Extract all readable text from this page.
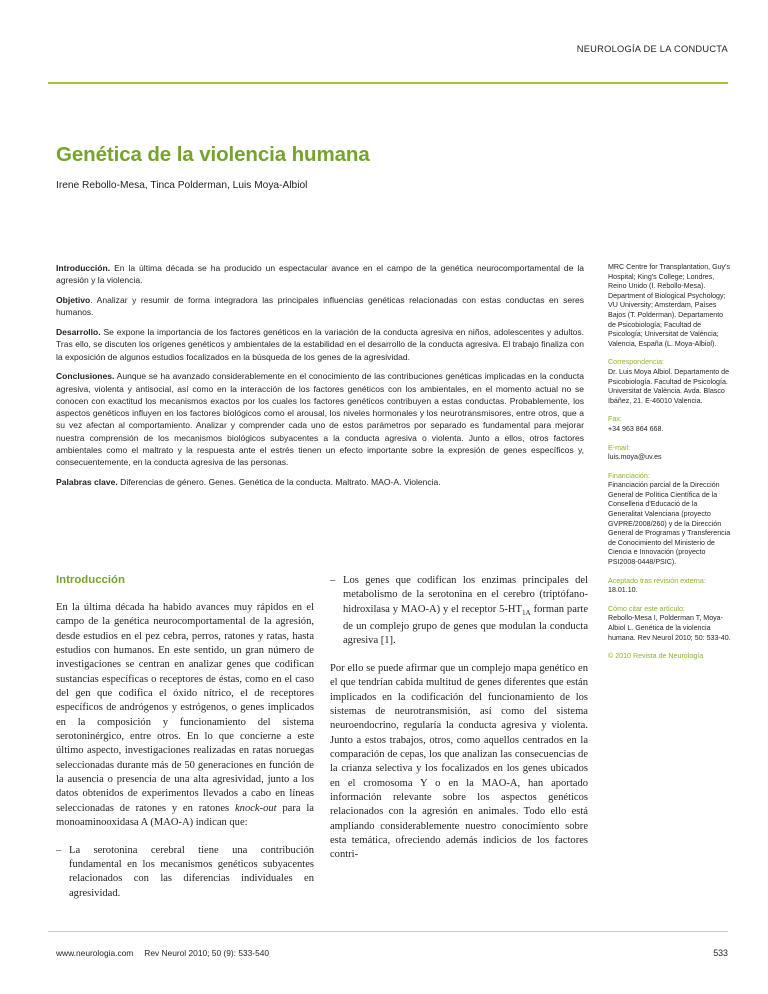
NEUROLOGÍA DE LA CONDUCTA
Genética de la violencia humana
Irene Rebollo-Mesa, Tinca Polderman, Luis Moya-Albiol

Introducción. En la última década se ha producido un espectacular avance en el campo de la genética neurocomportamental de la agresión y la violencia.

Objetivo. Analizar y resumir de forma integradora las principales influencias genéticas relacionadas con estas conductas en seres humanos.

Desarrollo. Se expone la importancia de los factores genéticos en la variación de la conducta agresiva en niños, adolescentes y adultos. Tras ello, se discuten los orígenes genéticos y ambientales de la estabilidad en el desarrollo de la conducta agresiva. El trabajo finaliza con la exposición de algunos estudios focalizados en la búsqueda de los genes de la agresividad.

Conclusiones. Aunque se ha avanzado considerablemente en el conocimiento de las contribuciones genéticas implicadas en la conducta agresiva, violenta y antisocial, así como en la interacción de los factores genéticos con los ambientales, en el momento actual no se conocen con exactitud los mecanismos exactos por los cuales los factores genéticos contribuyen a estas conductas. Probablemente, los aspectos genéticos influyen en los factores biológicos como el arousal, los niveles hormonales y los neurotransmisores, entre otros, que a su vez afectan al comportamiento. Analizar y comprender cada uno de estos parámetros por separado es fundamental para mejorar nuestra comprensión de los mecanismos biológicos subyacentes a la conducta agresiva o violenta. Junto a ellos, otros factores ambientales como el maltrato y la respuesta ante el estrés tienen un efecto importante sobre la expresión de genes específicos y, consecuentemente, en la conducta agresiva de las personas.

Palabras clave. Diferencias de género. Genes. Genética de la conducta. Maltrato. MAO-A. Violencia.

MRC Centre for Transplantation, Guy's Hospital; King's College; Londres, Reino Unido (I. Rebollo-Mesa). Department of Biological Psychology; VU University; Amsterdam, Países Bajos (T. Polderman). Departamento de Psicobiología; Facultad de Psicología; Universitat de València; Valencia, España (L. Moya-Albiol).
Correspondencia:
Dr. Luis Moya Albiol. Departamento de Psicobiología. Facultad de Psicología. Universitat de València. Avda. Blasco Ibáñez, 21. E-46010 Valencia.
Fax:
+34 963 864 668.
E-mail:
luis.moya@uv.es
Financiación:
Financiación parcial de la Dirección General de Política Científica de la Conselleria d'Educació de la Generalitat Valenciana (proyecto GVPRE/2008/260) y de la Dirección General de Programas y Transferencia de Conocimiento del Ministerio de Ciencia e Innovación (proyecto PSI2008-0448/PSIC).
Aceptado tras revisión externa:
18.01.10.
Cómo citar este artículo:
Rebollo-Mesa I, Polderman T, Moya-Albiol L. Genética de la violencia humana. Rev Neurol 2010; 50: 533-40.
© 2010 Revista de Neurología
Introducción

En la última década ha habido avances muy rápidos en el campo de la genética neurocomportamental de la agresión, desde estudios en el pez cebra, perros, ratones y ratas, hasta estudios con humanos. En este sentido, un gran número de investigaciones se centran en analizar genes que codifican sustancias específicas o receptores de éstas, como en el caso del gen que codifica el óxido nítrico, el de receptores específicos de andrógenos y estrógenos, o genes implicados en la composición y funcionamiento del sistema serotoninérgico, entre otros. En lo que concierne a este último aspecto, investigaciones realizadas en ratas noruegas seleccionadas durante más de 50 generaciones en función de la ausencia o presencia de una alta agresividad, junto a los datos obtenidos de experimentos llevados a cabo en líneas seleccionadas de ratones y en ratones knock-out para la monoaminooxidasa A (MAO-A) indican que:

– La serotonina cerebral tiene una contribución fundamental en los mecanismos genéticos subyacentes relacionados con las diferencias individuales en agresividad.
– Los genes que codifican los enzimas principales del metabolismo de la serotonina en el cerebro (triptófano-hidroxilasa y MAO-A) y el receptor $5-HT_{1A}$ forman parte de un complejo grupo de genes que modulan la conducta agresiva [1].

Por ello se puede afirmar que un complejo mapa genético en el que tendrían cabida multitud de genes diferentes que están implicados en la codificación del funcionamiento de los sistemas de neurotransmisión, así como del sistema neuroendocrino, regularía la conducta agresiva y violenta. Junto a estos trabajos, otros, como aquellos centrados en la comparación de cepas, los que analizan las consecuencias de la crianza selectiva y los focalizados en los genes ubicados en el cromosoma Y o en la MAO-A, han aportado información relevante sobre los aspectos genéticos relacionados con la agresión en animales. Todo ello está ampliando considerablemente nuestro conocimiento sobre esta temática, ofreciendo además indicios de los factores contri-

www.neurologia.com Rev Neurol 2010; 50 (9): 533-540	533
